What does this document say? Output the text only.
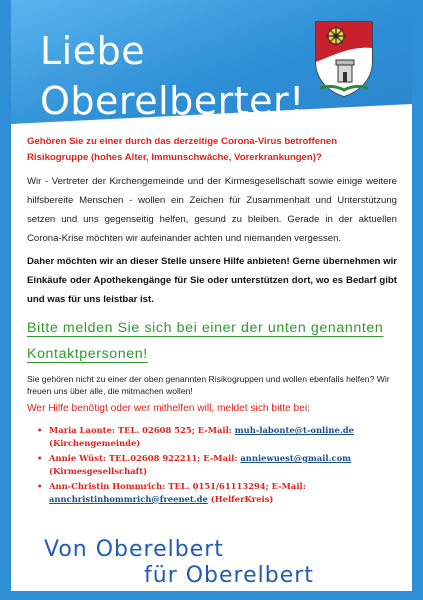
Liebe
Oberelberter!

Gehören Sie zu einer durch das derzeitige Corona-Virus betroffenen Risikogruppe (hohes Alter, Immunschwäche, Vorerkrankungen)?

Wir - Vertreter der Kirchengemeinde und der Kirmesgesellschaft sowie einige weitere hilfsbereite Menschen - wollen ein Zeichen für Zusammenhalt und Unterstützung setzen und uns gegenseitig helfen, gesund zu bleiben. Gerade in der aktuellen Corona-Krise möchten wir aufeinander achten und niemanden vergessen.

Daher möchten wir an dieser Stelle unsere Hilfe anbieten! Gerne übernehmen wir Einkäufe oder Apothekengänge für Sie oder unterstützen dort, wo es Bedarf gibt und was für uns leistbar ist.

Bitte melden Sie sich bei einer der unten genannten Kontaktpersonen!

Sie gehören nicht zu einer der oben genannten Risikogruppen und wollen ebenfalls helfen? Wir freuen uns über alle, die mitmachen wollen!

Wer Hilfe benötigt oder wer mithelfen will, meldet sich bitte bei:

• Maria Laonte: TEL. 02608 525; E-Mail: muh-labonte@t-online.de (Kirchengemeinde)
• Annie Wüst: TEL.02608 922211; E-Mail: anniewuest@gmail.com (Kirmesgesellschaft)
• Ann-Christin Hommrich: TEL. 0151/61113294; E-Mail: annchristinhommrich@freenet.de (HelferKreis)
Von Oberelbert
für Oberelbert
